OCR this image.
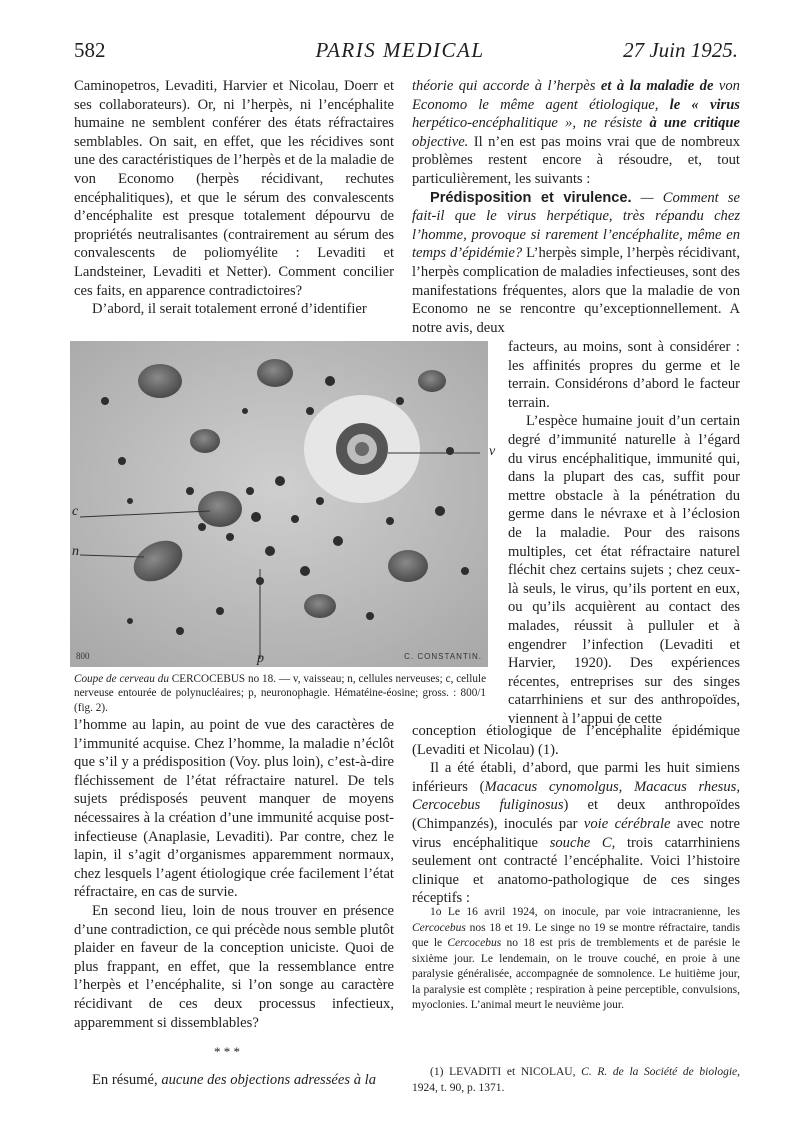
582	PARIS MEDICAL	27 Juin 1925.

Caminopetros, Levaditi, Harvier et Nicolau, Doerr et ses collaborateurs). Or, ni l’herpès, ni l’encéphalite humaine ne semblent conférer des états réfractaires semblables. On sait, en effet, que les récidives sont une des caractéristiques de l’herpès et de la maladie de von Economo (herpès récidivant, rechutes encéphalitiques), et que le sérum des convalescents d’encéphalite est presque totalement dépourvu de propriétés neutralisantes (contrairement au sérum des convalescents de poliomyélite : Levaditi et Landsteiner, Levaditi et Netter). Comment concilier ces faits, en apparence contradictoires?

D’abord, il serait totalement erroné d’identifier

800	C. CONSTANTIN.
c
n
v
p
Coupe de cerveau du CERCOCEBUS no 18. — v, vaisseau; n, cellules nerveuses; c, cellule nerveuse entourée de polynucléaires; p, neuronophagie. Hématéine-éosine; gross. : 800/1 (fig. 2).

l’homme au lapin, au point de vue des caractères de l’immunité acquise. Chez l’homme, la maladie n’éclôt que s’il y a prédisposition (Voy. plus loin), c’est-à-dire fléchissement de l’état réfractaire naturel. De tels sujets prédisposés peuvent manquer de moyens nécessaires à la création d’une immunité acquise post-infectieuse (Anaplasie, Levaditi). Par contre, chez le lapin, il s’agit d’organismes apparemment normaux, chez lesquels l’agent étiologique crée facilement l’état réfractaire, en cas de survie.

En second lieu, loin de nous trouver en présence d’une contradiction, ce qui précède nous semble plutôt plaider en faveur de la conception uniciste. Quoi de plus frappant, en effet, que la ressemblance entre l’herpès et l’encéphalite, si l’on songe au caractère récidivant de ces deux processus infectieux, apparemment si dissemblables?

* * *

En résumé, aucune des objections adressées à la

théorie qui accorde à l’herpès et à la maladie de von Economo le même agent étiologique, le « virus herpético-encéphalitique », ne résiste à une critique objective. Il n’en est pas moins vrai que de nombreux problèmes restent encore à résoudre, et, tout particulièrement, les suivants :

Prédisposition et virulence. — Comment se fait-il que le virus herpétique, très répandu chez l’homme, provoque si rarement l’encéphalite, même en temps d’épidémie? L’herpès simple, l’herpès récidivant, l’herpès complication de maladies infectieuses, sont des manifestations fréquentes, alors que la maladie de von Economo ne se rencontre qu’exceptionnellement. A notre avis, deux

facteurs, au moins, sont à considérer : les affinités propres du germe et le terrain. Considérons d’abord le facteur terrain.

L’espèce humaine jouit d’un certain degré d’immunité naturelle à l’égard du virus encéphalitique, immunité qui, dans la plupart des cas, suffit pour mettre obstacle à la pénétration du germe dans le névraxe et à l’éclosion de la maladie. Pour des raisons multiples, cet état réfractaire naturel fléchit chez certains sujets ; chez ceux-là seuls, le virus, qu’ils portent en eux, ou qu’ils acquièrent au contact des malades, réussit à pulluler et à engendrer l’infection (Levaditi et Harvier, 1920). Des expériences récentes, entreprises sur des singes catarrhiniens et sur des anthropoïdes, viennent à l’appui de cette

conception étiologique de l’encéphalite épidémique (Levaditi et Nicolau) (1).

Il a été établi, d’abord, que parmi les huit simiens inférieurs (Macacus cynomolgus, Macacus rhesus, Cercocebus fuliginosus) et deux anthropoïdes (Chimpanzés), inoculés par voie cérébrale avec notre virus encéphalitique souche C, trois catarrhiniens seulement ont contracté l’encéphalite. Voici l’histoire clinique et anatomo-pathologique de ces singes réceptifs :

1o Le 16 avril 1924, on inocule, par voie intracranienne, les Cercocebus nos 18 et 19. Le singe no 19 se montre réfractaire, tandis que le Cercocebus no 18 est pris de tremblements et de parésie le sixième jour. Le lendemain, on le trouve couché, en proie à une paralysie généralisée, accompagnée de somnolence. Le huitième jour, la paralysie est complète ; respiration à peine perceptible, convulsions, myoclonies. L’animal meurt le neuvième jour.

(1) LEVADITI et NICOLAU, C. R. de la Société de biologie, 1924, t. 90, p. 1371.
